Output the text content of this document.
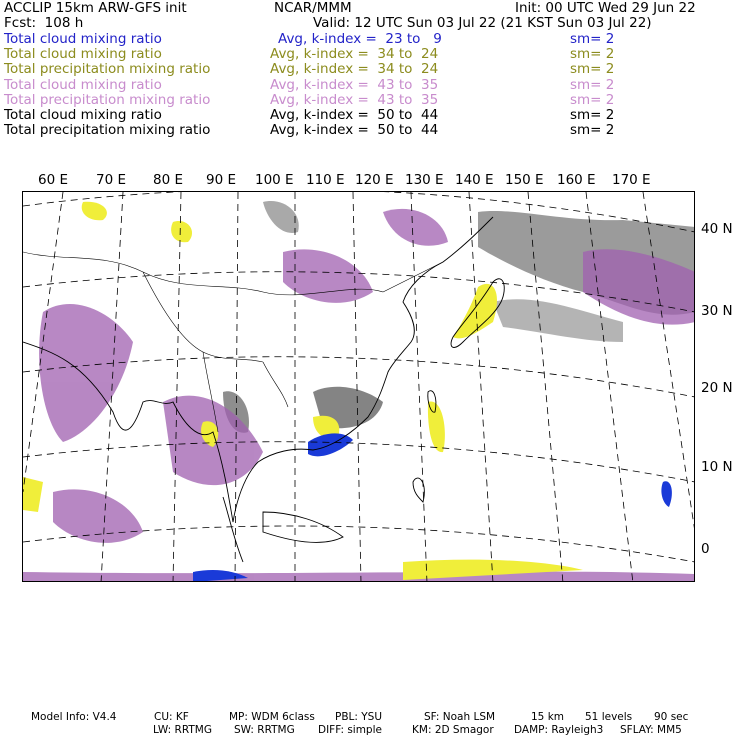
ACCLIP 15km ARW-GFS init	NCAR/MMM	Init: 00 UTC Wed 29 Jun 22
Fcst:  108 h	Valid: 12 UTC Sun 03 Jul 22 (21 KST Sun 03 Jul 22)
Total cloud mixing ratio	Avg, k-index =  23 to   9	sm= 2
Total cloud mixing ratio	Avg, k-index =  34 to  24	sm= 2
Total precipitation mixing ratio	Avg, k-index =  34 to  24	sm= 2
Total cloud mixing ratio	Avg, k-index =  43 to  35	sm= 2
Total precipitation mixing ratio	Avg, k-index =  43 to  35	sm= 2
Total cloud mixing ratio	Avg, k-index =  50 to  44	sm= 2
Total precipitation mixing ratio	Avg, k-index =  50 to  44	sm= 2
60 E 70 E 80 E 90 E 100 E 110 E 120 E 130 E 140 E 150 E 160 E 170 E
40 N
30 N
20 N
10 N
0
Model Info: V4.4	CU: KF	MP: WDM 6class PBL: YSU	SF: Noah LSM	15 km 51 levels 90 sec
LW: RRTMG SW: RRTMG DIFF: simple	KM: 2D Smagor DAMP: Rayleigh3 SFLAY: MM5
